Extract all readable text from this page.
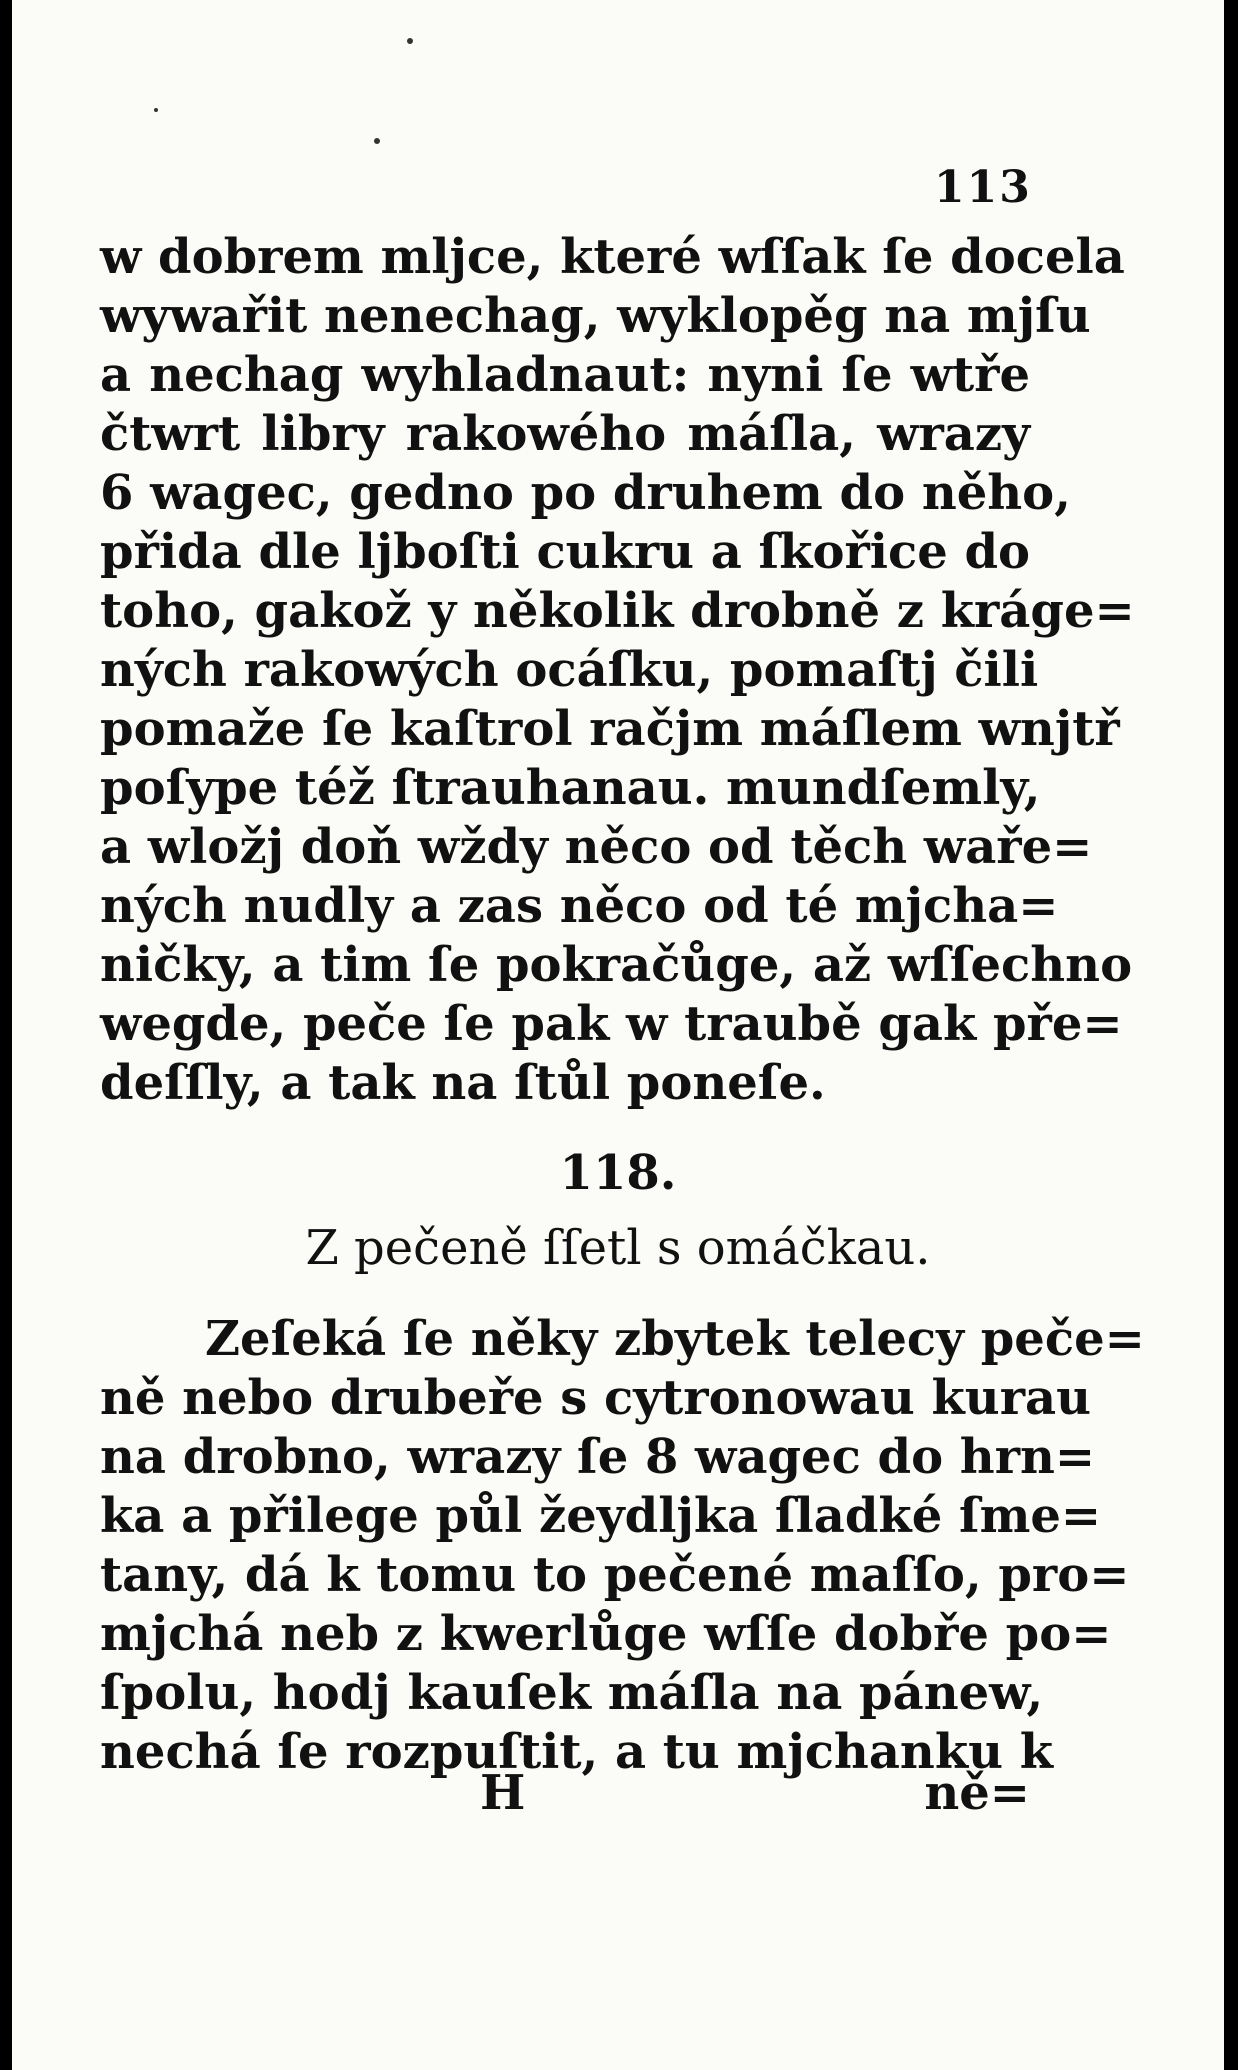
113
w dobrem mljce, které wſſak ſe docela
wywařit nenechag, wyklopěg na mjſu
a nechag wyhladnaut: nyni ſe wtře
čtwrt libry rakowého máſla, wrazy
6 wagec, gedno po druhem do něho,
přida dle ljboſti cukru a ſkořice do
toho, gakož y několik drobně z kráge=
ných rakowých ocáſku, pomaſtj čili
pomaže ſe kaſtrol račjm máſlem wnjtř
poſype též ſtrauhanau. mundſemly,
a wložj doň wždy něco od těch waře=
ných nudly a zas něco od té mjcha=
ničky, a tim ſe pokračůge, až wſſechno
wegde, peče ſe pak w traubě gak pře=
deſſly, a tak na ſtůl poneſe.
118.
Z pečeně ſſetl s omáčkau.
Zeſeká ſe něky zbytek telecy peče=
ně nebo drubeře s cytronowau kurau
na drobno, wrazy ſe 8 wagec do hrn=
ka a přilege půl žeydljka ſladké ſme=
tany, dá k tomu to pečené maſſo, pro=
mjchá neb z kwerlůge wſſe dobře po=
ſpolu, hodj kauſek máſla na pánew,
nechá ſe rozpuſtit, a tu mjchanku k
H	ně=
